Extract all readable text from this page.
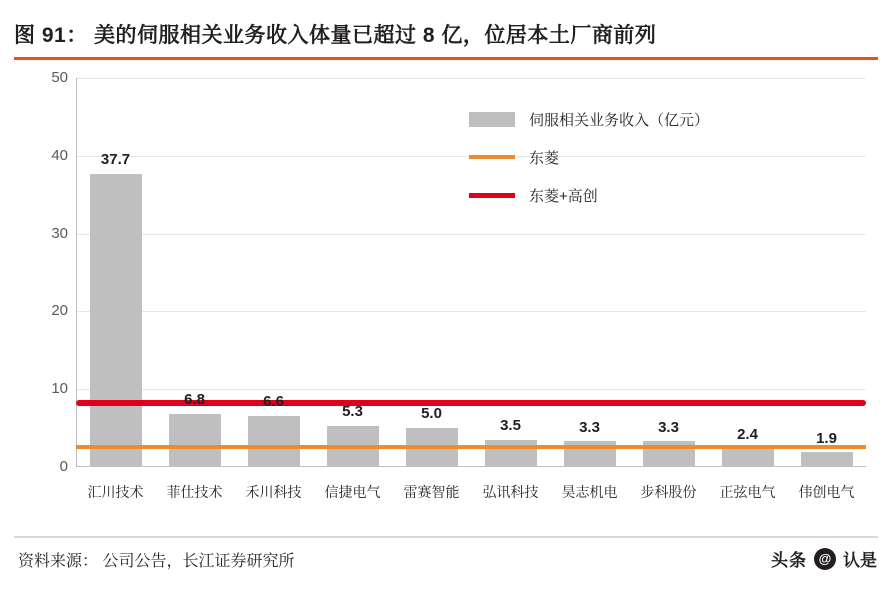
图 91： 美的伺服相关业务收入体量已超过 8 亿，位居本土厂商前列
50
40
30
20
10
0
37.7
6.8	6.6
5.3	5.0
3.5	3.3	3.3	2.4	1.9
汇川技术	菲仕技术	禾川科技	信捷电气	雷赛智能	弘讯科技	昊志机电	步科股份	正弦电气	伟创电气
伺服相关业务收入（亿元）
东菱
东菱+高创
资料来源： 公司公告，长江证券研究所	头条 @ 认是
